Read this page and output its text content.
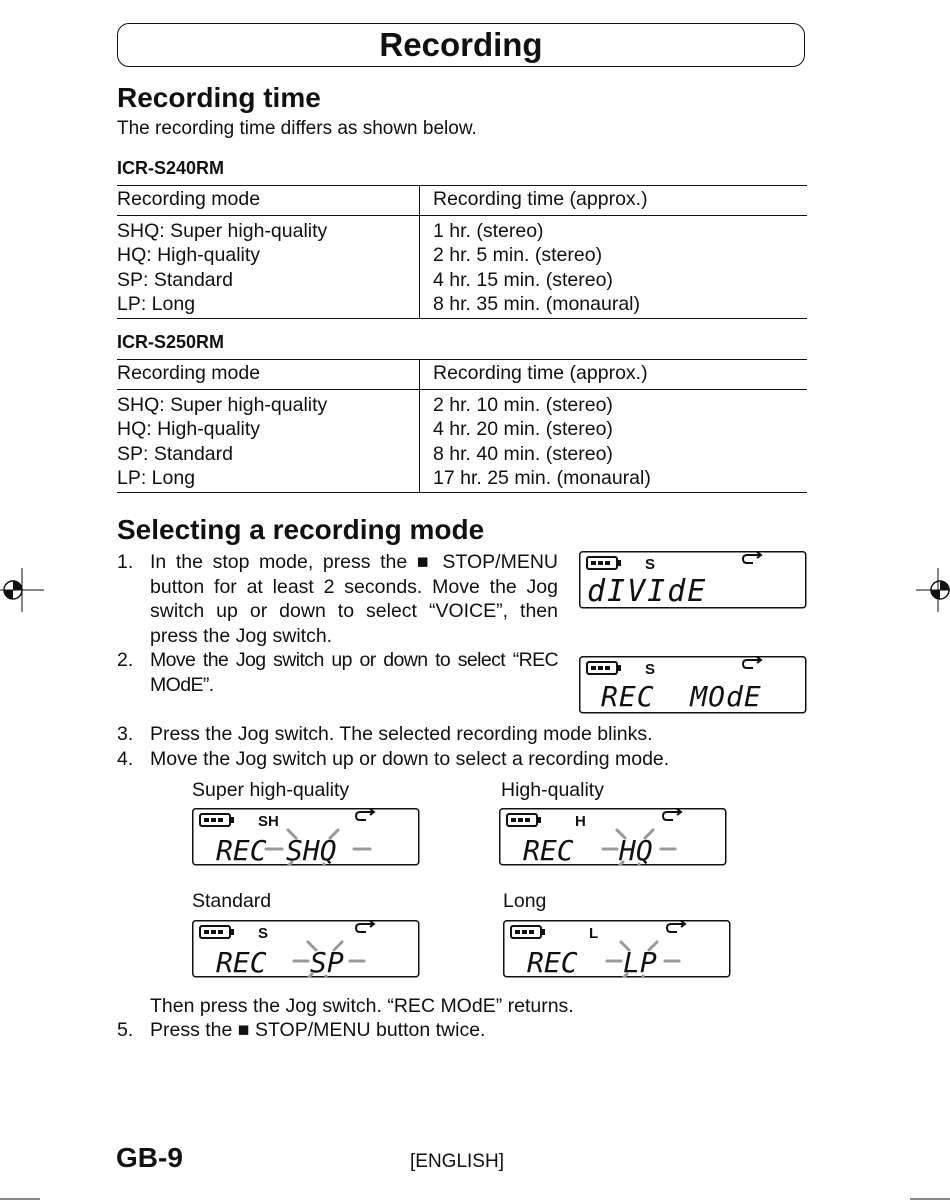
Recording
Recording time
The recording time differs as shown below.
ICR-S240RM
Recording mode	Recording time (approx.)
SHQ: Super high-quality	1 hr. (stereo)
HQ: High-quality	2 hr. 5 min. (stereo)
SP: Standard	4 hr. 15 min. (stereo)
LP: Long	8 hr. 35 min. (monaural)
ICR-S250RM
Recording mode	Recording time (approx.)
SHQ: Super high-quality	2 hr. 10 min. (stereo)
HQ: High-quality	4 hr. 20 min. (stereo)
SP: Standard	8 hr. 40 min. (stereo)
LP: Long	17 hr. 25 min. (monaural)
Selecting a recording mode
1. In the stop mode, press the ■ STOP/MENU button for at least 2 seconds. Move the Jog switch up or down to select “VOICE”, then press the Jog switch.
2. Move the Jog switch up or down to select “REC MOdE”.
S
dIVIdE
S
REC  MOdE
3. Press the Jog switch. The selected recording mode blinks.
4. Move the Jog switch up or down to select a recording mode.
Super high-quality	High-quality
Standard	Long
SH
REC SHQ
H
REC HQ
S
REC SP
L
REC LP
Then press the Jog switch. “REC MOdE” returns.
5. Press the ■ STOP/MENU button twice.
GB-9	[ENGLISH]
